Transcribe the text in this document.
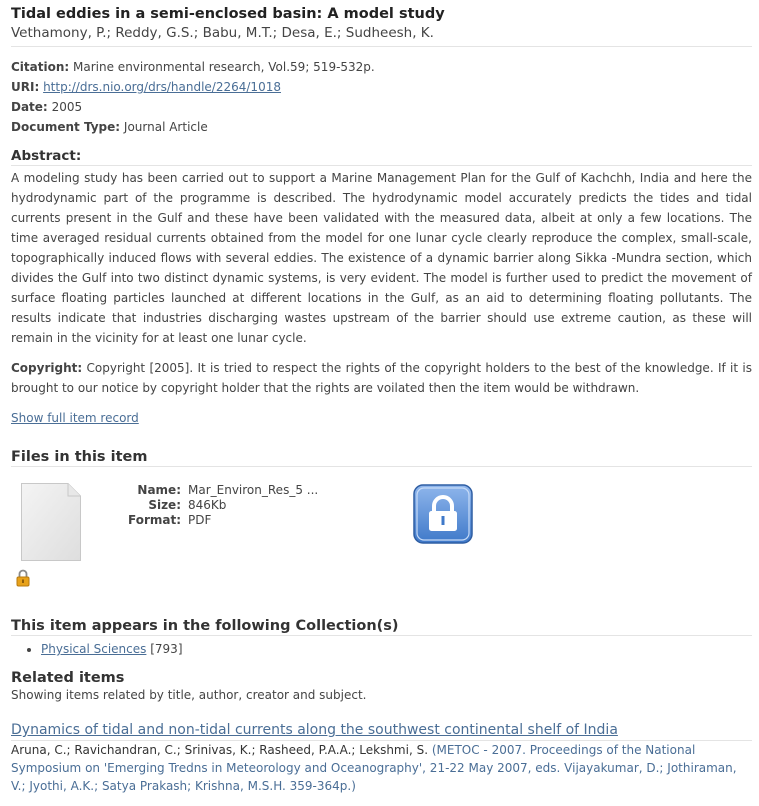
Tidal eddies in a semi-enclosed basin: A model study
Vethamony, P.; Reddy, G.S.; Babu, M.T.; Desa, E.; Sudheesh, K.
Citation: Marine environmental research, Vol.59; 519-532p.
URI: http://drs.nio.org/drs/handle/2264/1018
Date: 2005
Document Type: Journal Article
Abstract:
A modeling study has been carried out to support a Marine Management Plan for the Gulf of Kachchh, India and here the hydrodynamic part of the programme is described. The hydrodynamic model accurately predicts the tides and tidal currents present in the Gulf and these have been validated with the measured data, albeit at only a few locations. The time averaged residual currents obtained from the model for one lunar cycle clearly reproduce the complex, small-scale, topographically induced flows with several eddies. The existence of a dynamic barrier along Sikka -Mundra section, which divides the Gulf into two distinct dynamic systems, is very evident. The model is further used to predict the movement of surface floating particles launched at different locations in the Gulf, as an aid to determining floating pollutants. The results indicate that industries discharging wastes upstream of the barrier should use extreme caution, as these will remain in the vicinity for at least one lunar cycle.
Copyright: Copyright [2005]. It is tried to respect the rights of the copyright holders to the best of the knowledge. If it is brought to our notice by copyright holder that the rights are voilated then the item would be withdrawn.
Show full item record
Files in this item
Name: Mar_Environ_Res_5 ...
Size: 846Kb
Format: PDF
This item appears in the following Collection(s)
• Physical Sciences [793]
Related items
Showing items related by title, author, creator and subject.
Dynamics of tidal and non-tidal currents along the southwest continental shelf of India
Aruna, C.; Ravichandran, C.; Srinivas, K.; Rasheed, P.A.A.; Lekshmi, S. (METOC - 2007. Proceedings of the National Symposium on 'Emerging Tredns in Meteorology and Oceanography', 21-22 May 2007, eds. Vijayakumar, D.; Jothiraman, V.; Jyothi, A.K.; Satya Prakash; Krishna, M.S.H. 359-364p.)
